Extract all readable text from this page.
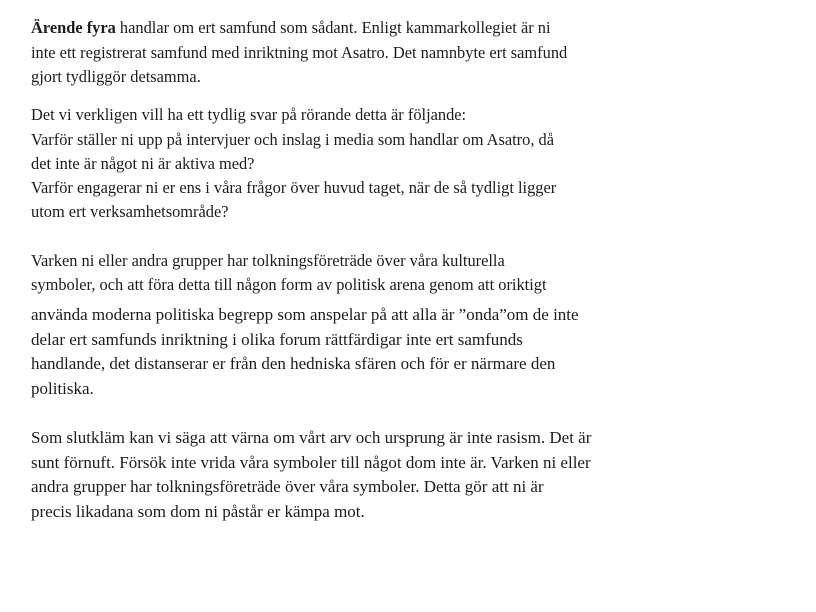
Ärende fyra handlar om ert samfund som sådant. Enligt kammarkollegiet är ni
inte ett registrerat samfund med inriktning mot Asatro. Det namnbyte ert samfund
gjort tydliggör detsamma.
Det vi verkligen vill ha ett tydlig svar på rörande detta är följande:
Varför ställer ni upp på intervjuer och inslag i media som handlar om Asatro, då
det inte är något ni är aktiva med?
Varför engagerar ni er ens i våra frågor över huvud taget, när de så tydligt ligger
utom ert verksamhetsområde?
Varken ni eller andra grupper har tolkningsföreträde över våra kulturella
symboler, och att föra detta till någon form av politisk arena genom att oriktigt
använda moderna politiska begrepp som anspelar på att alla är ”onda”om de inte
delar ert samfunds inriktning i olika forum rättfärdigar inte ert samfunds
handlande, det distanserar er från den hedniska sfären och för er närmare den
politiska.
Som slutkläm kan vi säga att värna om vårt arv och ursprung är inte rasism. Det är
sunt förnuft. Försök inte vrida våra symboler till något dom inte är. Varken ni eller
andra grupper har tolkningsföreträde över våra symboler. Detta gör att ni är
precis likadana som dom ni påstår er kämpa mot.
